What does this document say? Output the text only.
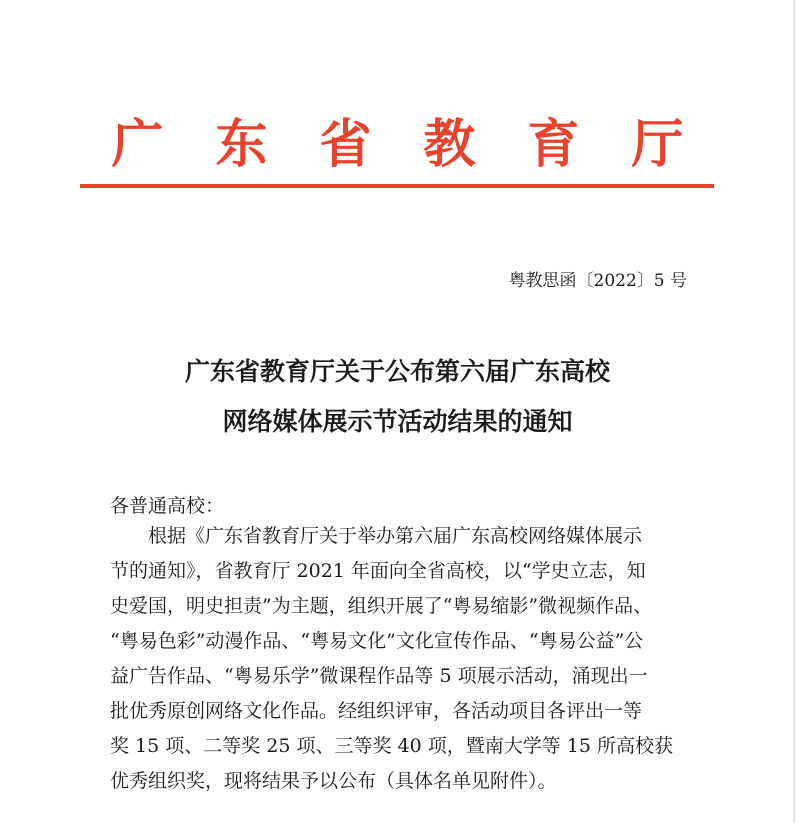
广东省教育厅
粤教思函〔2022〕5 号
广东省教育厅关于公布第六届广东高校
网络媒体展示节活动结果的通知
各普通高校：
根据《广东省教育厅关于举办第六届广东高校网络媒体展示
节的通知》，省教育厅 2021 年面向全省高校，以“学史立志，知
史爱国，明史担责”为主题，组织开展了“粤易缩影”微视频作品、
“粤易色彩”动漫作品、“粤易文化”文化宣传作品、“粤易公益”公
益广告作品、“粤易乐学”微课程作品等 5 项展示活动，涌现出一
批优秀原创网络文化作品。经组织评审，各活动项目各评出一等
奖 15 项、二等奖 25 项、三等奖 40 项，暨南大学等 15 所高校获
优秀组织奖，现将结果予以公布（具体名单见附件）。
